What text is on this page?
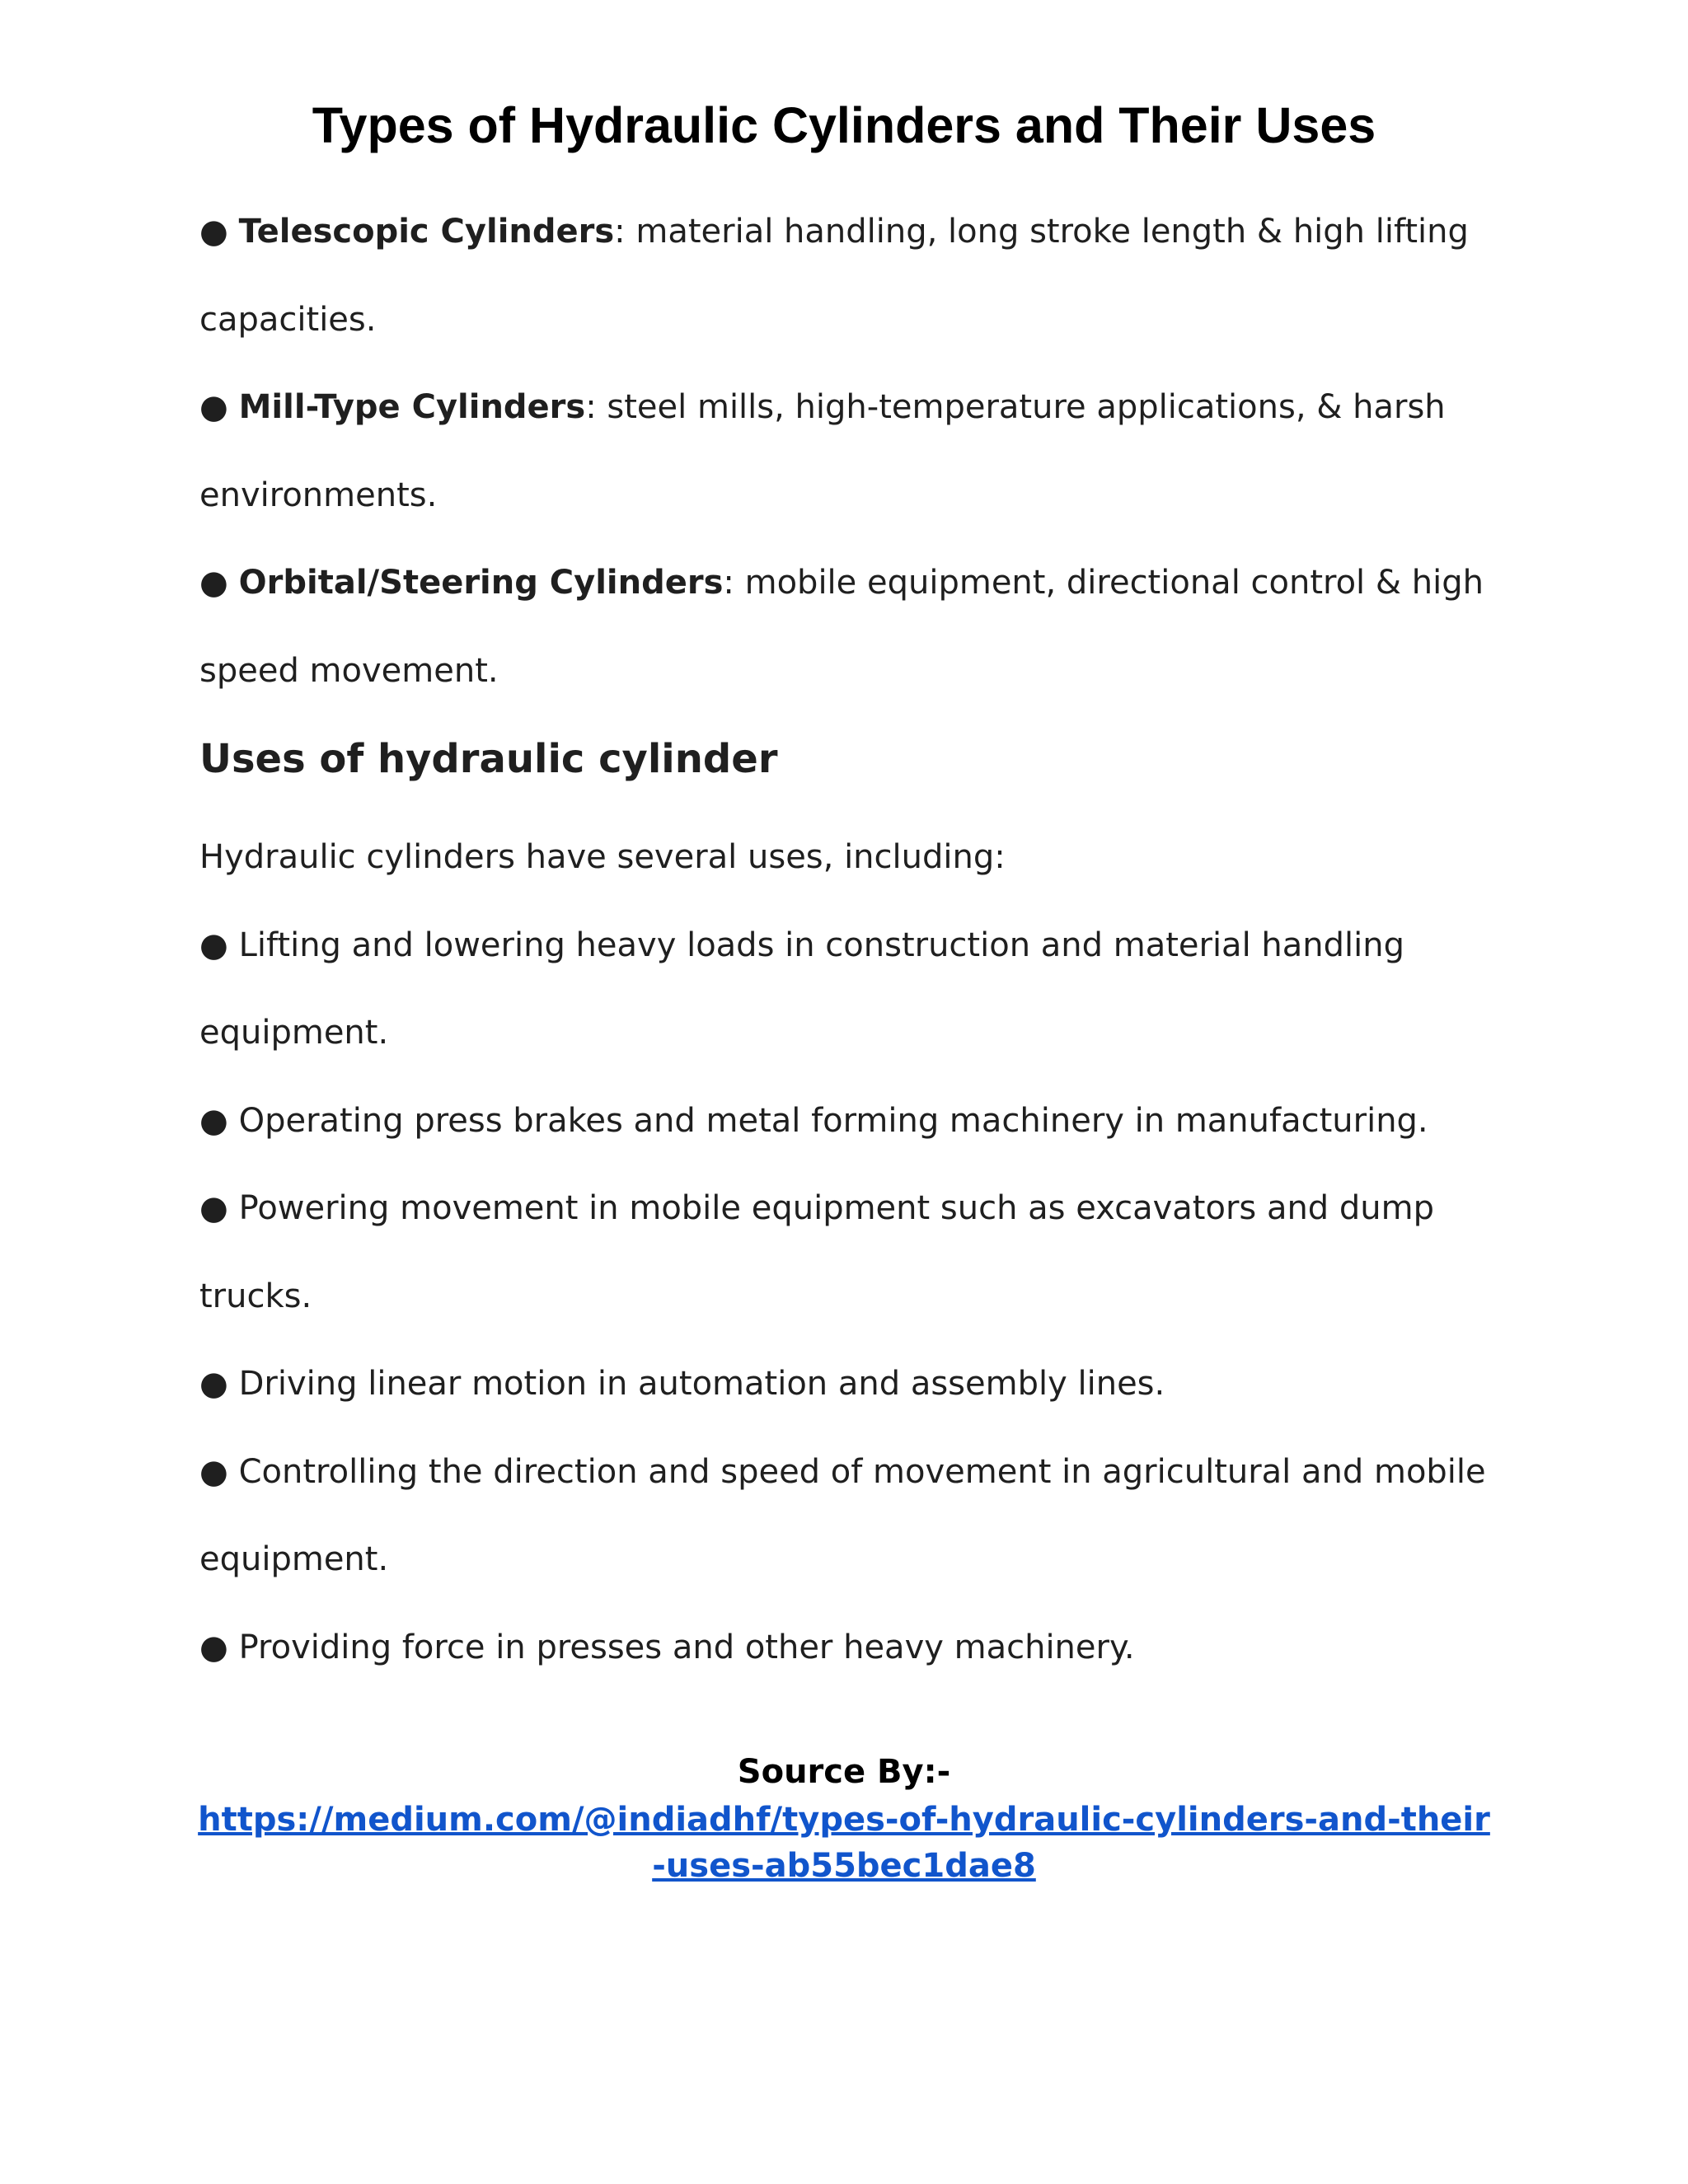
Types of Hydraulic Cylinders and Their Uses

● Telescopic Cylinders: material handling, long stroke length & high lifting capacities.

● Mill-Type Cylinders: steel mills, high-temperature applications, & harsh environments.

● Orbital/Steering Cylinders: mobile equipment, directional control & high speed movement.

Uses of hydraulic cylinder

Hydraulic cylinders have several uses, including:

● Lifting and lowering heavy loads in construction and material handling equipment.

● Operating press brakes and metal forming machinery in manufacturing.

● Powering movement in mobile equipment such as excavators and dump trucks.

● Driving linear motion in automation and assembly lines.

● Controlling the direction and speed of movement in agricultural and mobile equipment.

● Providing force in presses and other heavy machinery.

Source By:-
https://medium.com/@indiadhf/types-of-hydraulic-cylinders-and-their-uses-ab55bec1dae8
